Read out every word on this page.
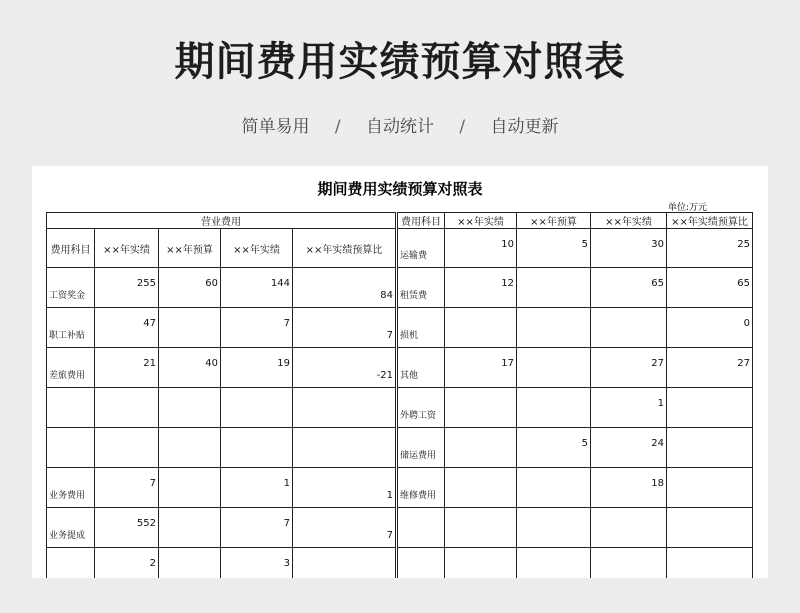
期间费用实绩预算对照表
简单易用 / 自动统计 / 自动更新
期间费用实绩预算对照表
单位:万元
营业费用					费用科目	××年实绩	××年预算	××年实绩	××年实绩预算比
费用科目	××年实绩	××年预算	××年实绩	××年实绩预算比	运输费	10	5	30	25

工资奖金	255	60	144	84	租赁费	12		65	65

职工补贴	47		7	7	损机				0

差旅费用	21	40	19	-21	其他	17		27	27

					外聘工资			1	

					储运费用		5	24	

业务费用	7		1	1	维修费用			18	

业务提成	552		7	7					

	2		3						
